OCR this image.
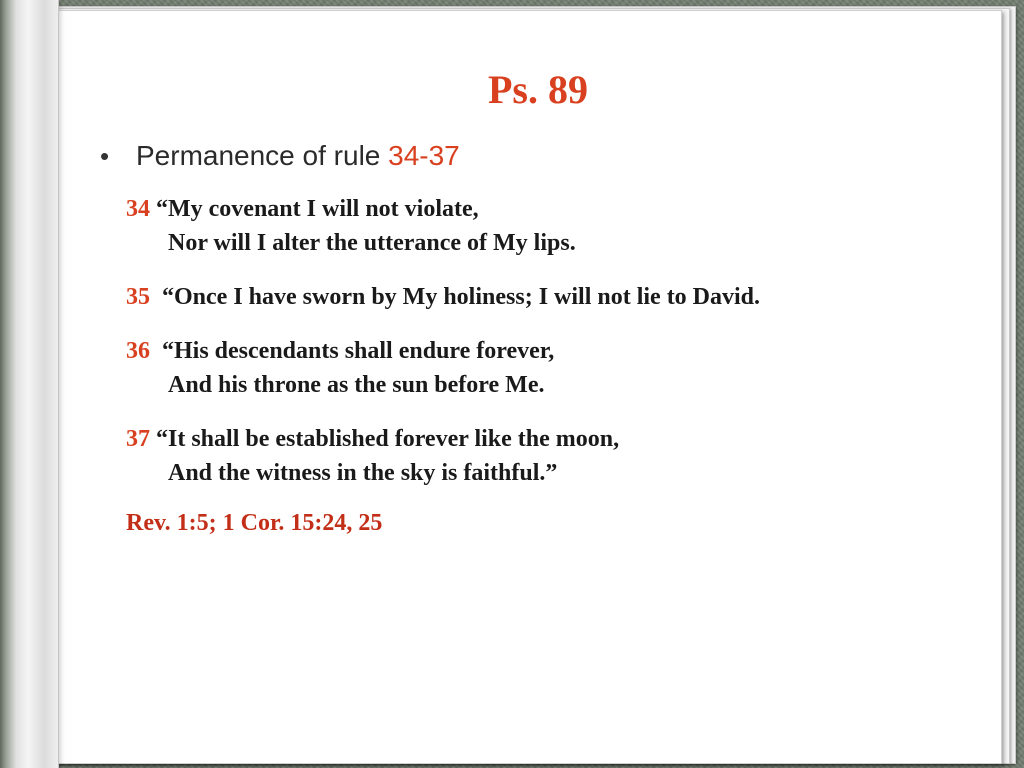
Ps. 89
• Permanence of rule 34-37
34 “My covenant I will not violate,
Nor will I alter the utterance of My lips.
35 “Once I have sworn by My holiness; I will not lie to David.
36 “His descendants shall endure forever,
And his throne as the sun before Me.
37 “It shall be established forever like the moon,
And the witness in the sky is faithful.”
Rev. 1:5; 1 Cor. 15:24, 25
